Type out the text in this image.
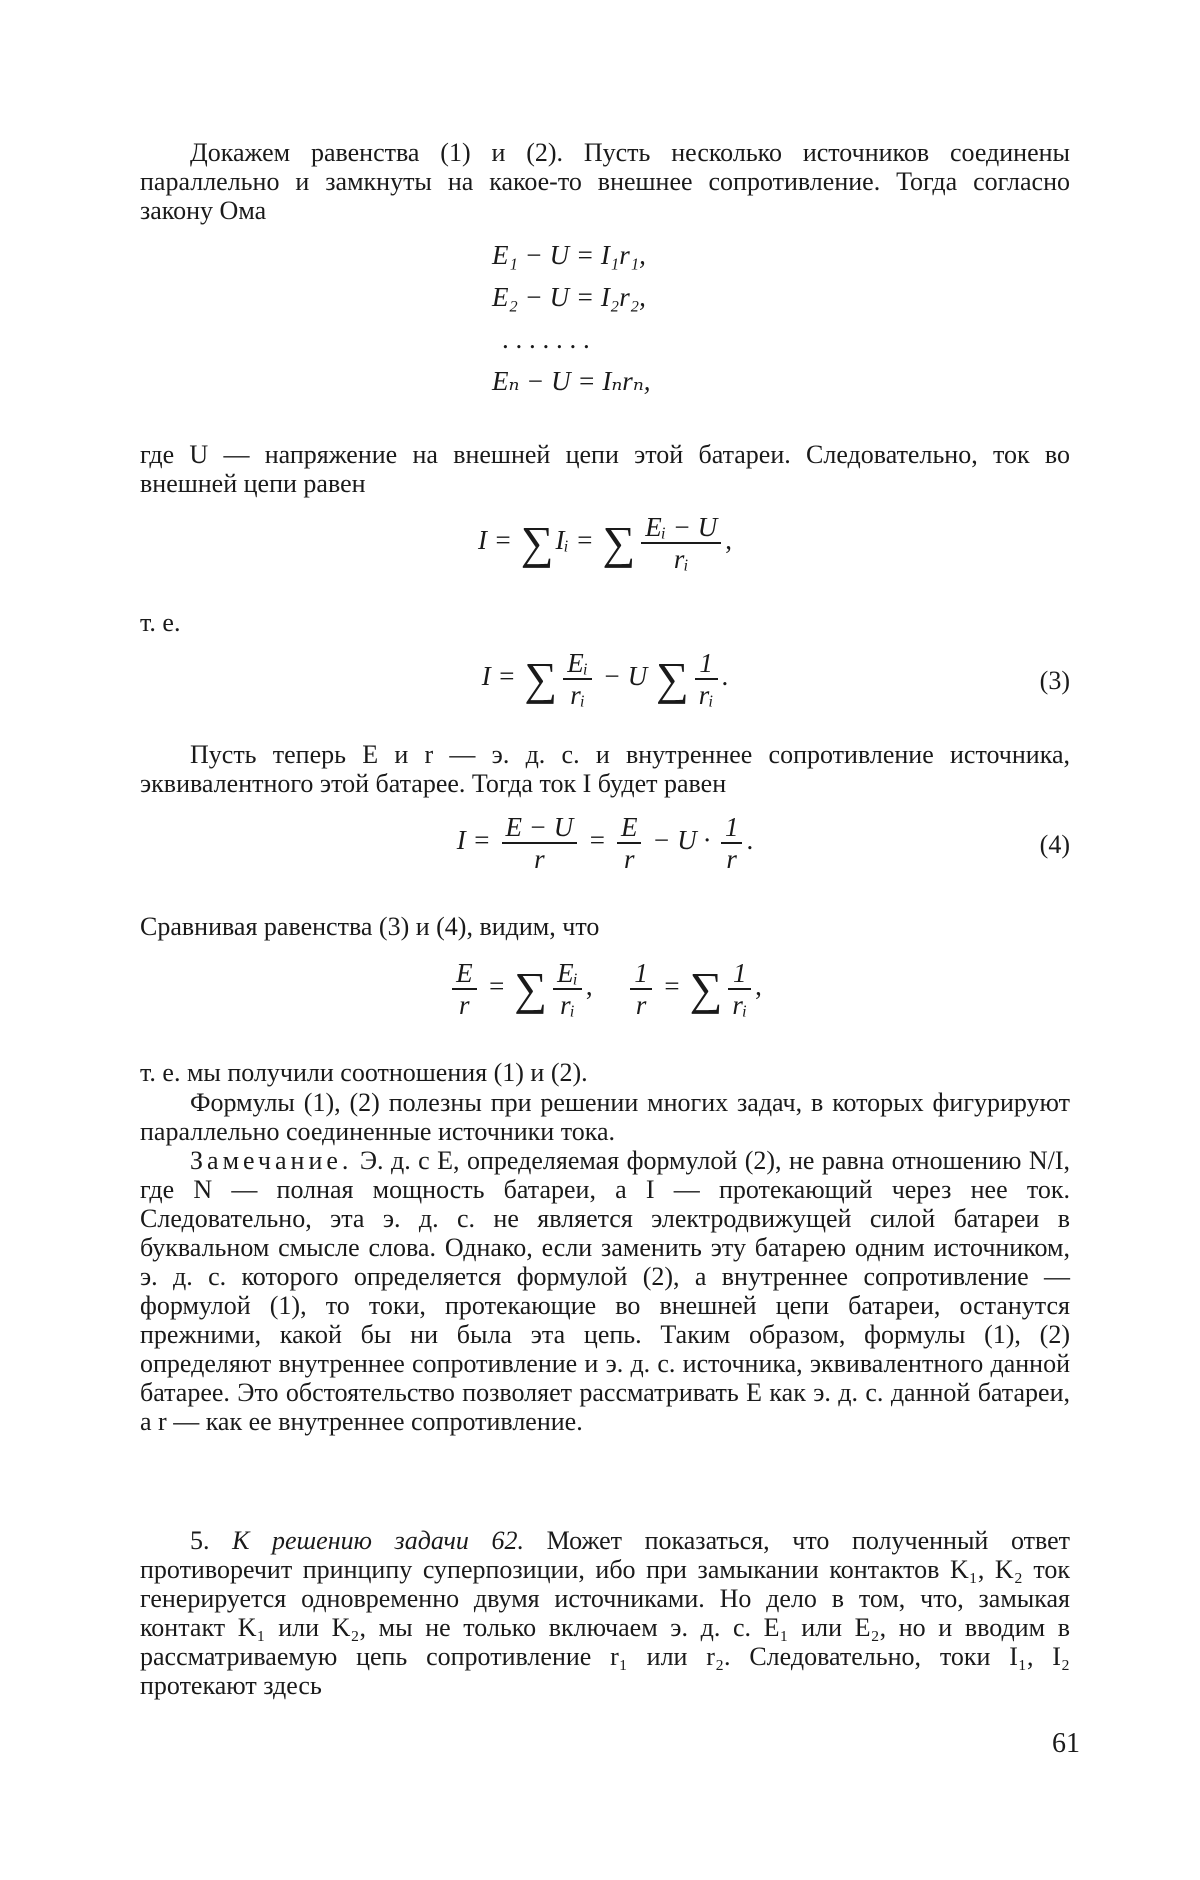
Докажем равенства (1) и (2). Пусть несколько источников соединены параллельно и замкнуты на какое-то внешнее сопротивление. Тогда согласно закону Ома
E₁ − U = I₁r₁,
E₂ − U = I₂r₂,
. . . . . . .
Eₙ − U = Iₙrₙ,
где U — напряжение на внешней цепи этой батареи. Следовательно, ток во внешней цепи равен
I = ∑Iᵢ = ∑ Eᵢ − U
rᵢ
,
т. е.
I = ∑ Eᵢ
rᵢ
− U ∑ 1
rᵢ
.	(3)
Пусть теперь E и r — э. д. с. и внутреннее сопротивление источника, эквивалентного этой батарее. Тогда ток I будет равен
I = E − U
r
= E
r
− U · 1
r
.	(4)
Сравнивая равенства (3) и (4), видим, что
E
r
= ∑ Eᵢ
rᵢ
, 1
r
= ∑ 1
rᵢ
,
т. е. мы получили соотношения (1) и (2).
Формулы (1), (2) полезны при решении многих задач, в которых фигурируют параллельно соединенные источники тока.
Замечание. Э. д. с E, определяемая формулой (2), не равна отношению N/I, где N — полная мощность батареи, а I — протекающий через нее ток. Следовательно, эта э. д. с. не является электродвижущей силой батареи в буквальном смысле слова. Однако, если заменить эту батарею одним источником, э. д. с. которого определяется формулой (2), а внутреннее сопротивление — формулой (1), то токи, протекающие во внешней цепи батареи, останутся прежними, какой бы ни была эта цепь. Таким образом, формулы (1), (2) определяют внутреннее сопротивление и э. д. с. источника, эквивалентного данной батарее. Это обстоятельство позволяет рассматривать E как э. д. с. данной батареи, а r — как ее внутреннее сопротивление.
5. К решению задачи 62. Может показаться, что полученный ответ противоречит принципу суперпозиции, ибо при замыкании контактов K₁, K₂ ток генерируется одновременно двумя источниками. Но дело в том, что, замыкая контакт K₁ или K₂, мы не только включаем э. д. с. E₁ или E₂, но и вводим в рассматриваемую цепь сопротивление r₁ или r₂. Следовательно, токи I₁, I₂ протекают здесь
61
